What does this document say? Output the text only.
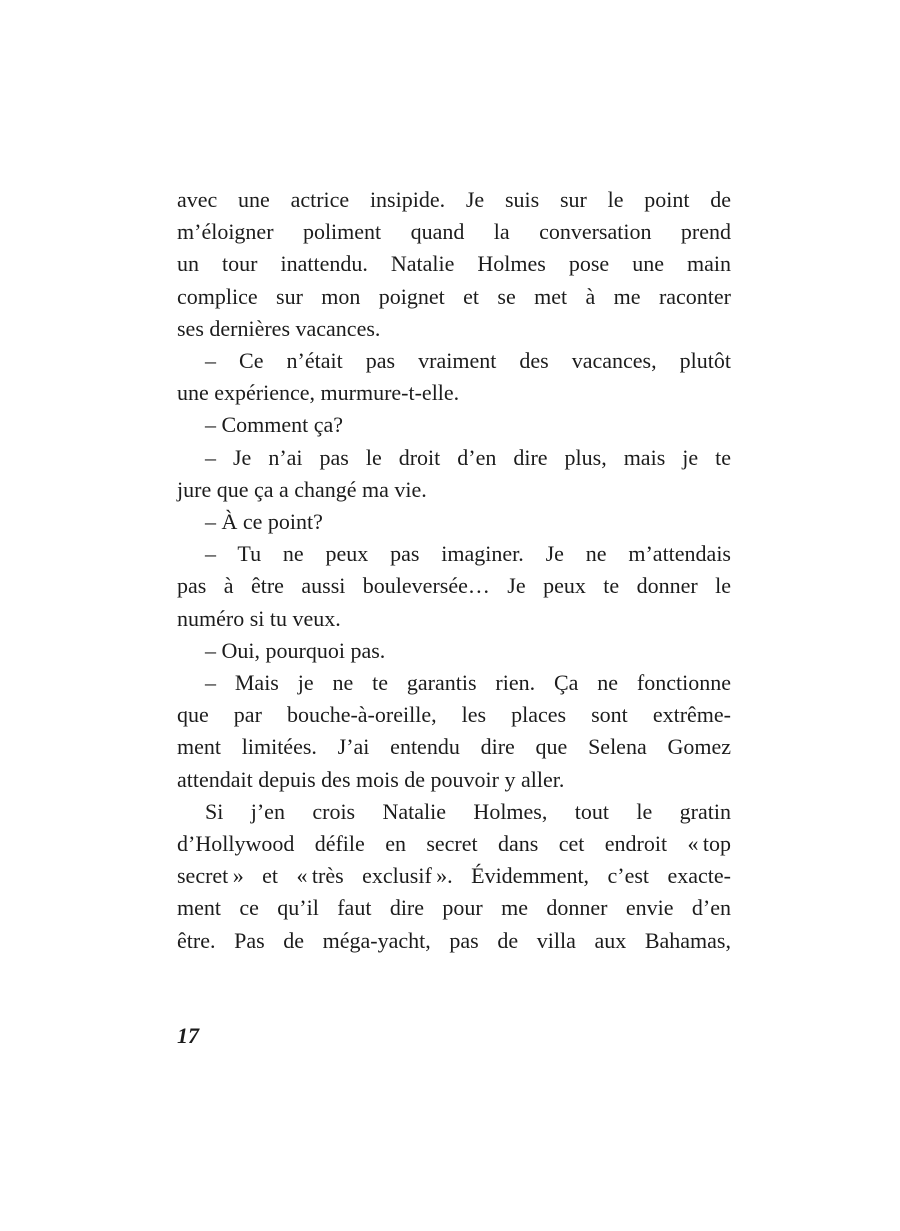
avec une actrice insipide. Je suis sur le point de
m’éloigner poliment quand la conversation prend
un tour inattendu. Natalie Holmes pose une main
complice sur mon poignet et se met à me raconter
ses dernières vacances.
– Ce n’était pas vraiment des vacances, plutôt
une expérience, murmure-t-elle.
– Comment ça?
– Je n’ai pas le droit d’en dire plus, mais je te
jure que ça a changé ma vie.
– À ce point?
– Tu ne peux pas imaginer. Je ne m’attendais
pas à être aussi bouleversée… Je peux te donner le
numéro si tu veux.
– Oui, pourquoi pas.
– Mais je ne te garantis rien. Ça ne fonctionne
que par bouche-à-oreille, les places sont extrême-
ment limitées. J’ai entendu dire que Selena Gomez
attendait depuis des mois de pouvoir y aller.
Si j’en crois Natalie Holmes, tout le gratin
d’Hollywood défile en secret dans cet endroit « top
secret » et « très exclusif ». Évidemment, c’est exacte-
ment ce qu’il faut dire pour me donner envie d’en
être. Pas de méga-yacht, pas de villa aux Bahamas,
17
